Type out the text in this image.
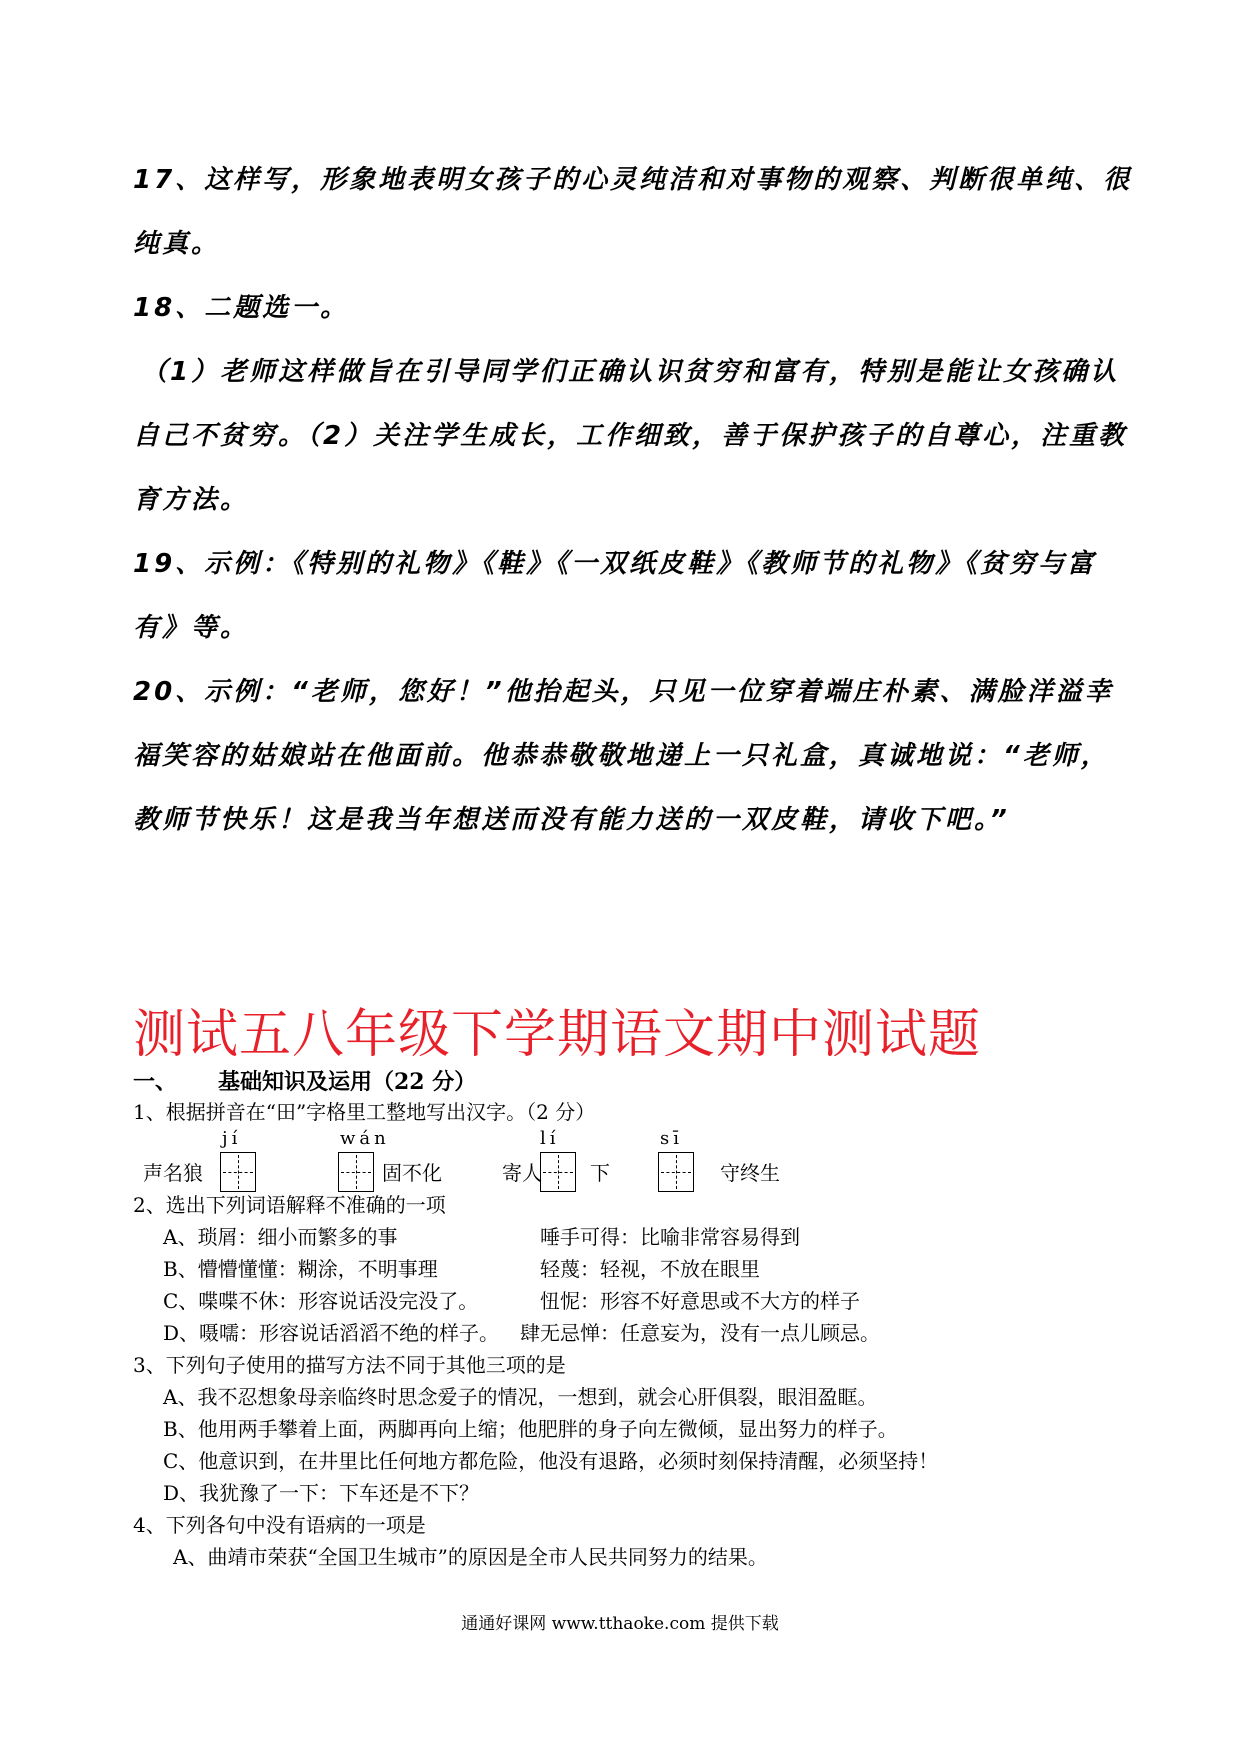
17、这样写，形象地表明女孩子的心灵纯洁和对事物的观察、判断很单纯、很纯真。

18、二题选一。

（1）老师这样做旨在引导同学们正确认识贫穷和富有，特别是能让女孩确认自己不贫穷。（2）关注学生成长，工作细致，善于保护孩子的自尊心，注重教育方法。

19、示例：《特别的礼物》《鞋》《一双纸皮鞋》《教师节的礼物》《贫穷与富有》等。

20、示例：“老师，您好！”他抬起头，只见一位穿着端庄朴素、满脸洋溢幸福笑容的姑娘站在他面前。他恭恭敬敬地递上一只礼盒，真诚地说：“老师，教师节快乐！这是我当年想送而没有能力送的一双皮鞋，请收下吧。”

测试五八年级下学期语文期中测试题
一、 基础知识及运用（22 分）

1、根据拼音在“田”字格里工整地写出汉字。（2 分）

jí	wán	lí	sī
声名狼	固不化	寄人 下	守终生

2、选出下列词语解释不准确的一项

A、琐屑：细小而繁多的事	唾手可得：比喻非常容易得到

B、懵懵懂懂：糊涂，不明事理	轻蔑：轻视，不放在眼里

C、喋喋不休：形容说话没完没了。	忸怩：形容不好意思或不大方的样子

D、嗫嚅：形容说话滔滔不绝的样子。 肆无忌惮：任意妄为，没有一点儿顾忌。

3、下列句子使用的描写方法不同于其他三项的是

A、我不忍想象母亲临终时思念爱子的情况，一想到，就会心肝俱裂，眼泪盈眶。

B、他用两手攀着上面，两脚再向上缩；他肥胖的身子向左微倾，显出努力的样子。

C、他意识到，在井里比任何地方都危险，他没有退路，必须时刻保持清醒，必须坚持！

D、我犹豫了一下：下车还是不下？

4、下列各句中没有语病的一项是

A、曲靖市荣获“全国卫生城市”的原因是全市人民共同努力的结果。

通通好课网 www.tthaoke.com 提供下载
